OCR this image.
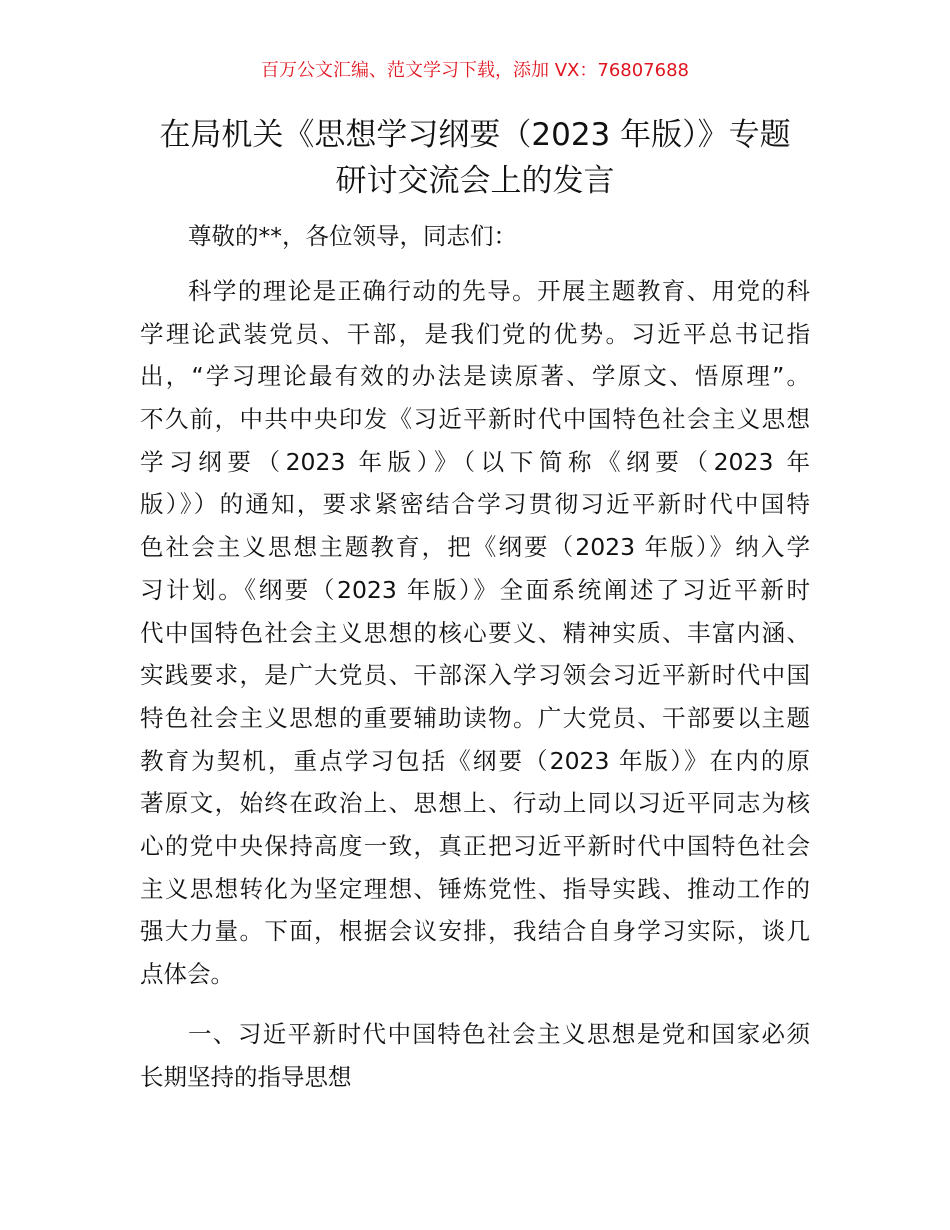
百万公文汇编、范文学习下载，添加 VX：76807688
在局机关《思想学习纲要（2023 年版）》专题
研讨交流会上的发言
尊敬的**，各位领导，同志们：
科学的理论是正确行动的先导。开展主题教育、用党的科
学理论武装党员、干部，是我们党的优势。习近平总书记指
出，“学习理论最有效的办法是读原著、学原文、悟原理”。
不久前，中共中央印发《习近平新时代中国特色社会主义思想
学习纲要（2023 年版）》（以下简称《纲要（2023 年
版）》）的通知，要求紧密结合学习贯彻习近平新时代中国特
色社会主义思想主题教育，把《纲要（2023 年版）》纳入学
习计划。《纲要（2023 年版）》全面系统阐述了习近平新时
代中国特色社会主义思想的核心要义、精神实质、丰富内涵、
实践要求，是广大党员、干部深入学习领会习近平新时代中国
特色社会主义思想的重要辅助读物。广大党员、干部要以主题
教育为契机，重点学习包括《纲要（2023 年版）》在内的原
著原文，始终在政治上、思想上、行动上同以习近平同志为核
心的党中央保持高度一致，真正把习近平新时代中国特色社会
主义思想转化为坚定理想、锤炼党性、指导实践、推动工作的
强大力量。下面，根据会议安排，我结合自身学习实际，谈几
点体会。
一、习近平新时代中国特色社会主义思想是党和国家必须
长期坚持的指导思想
